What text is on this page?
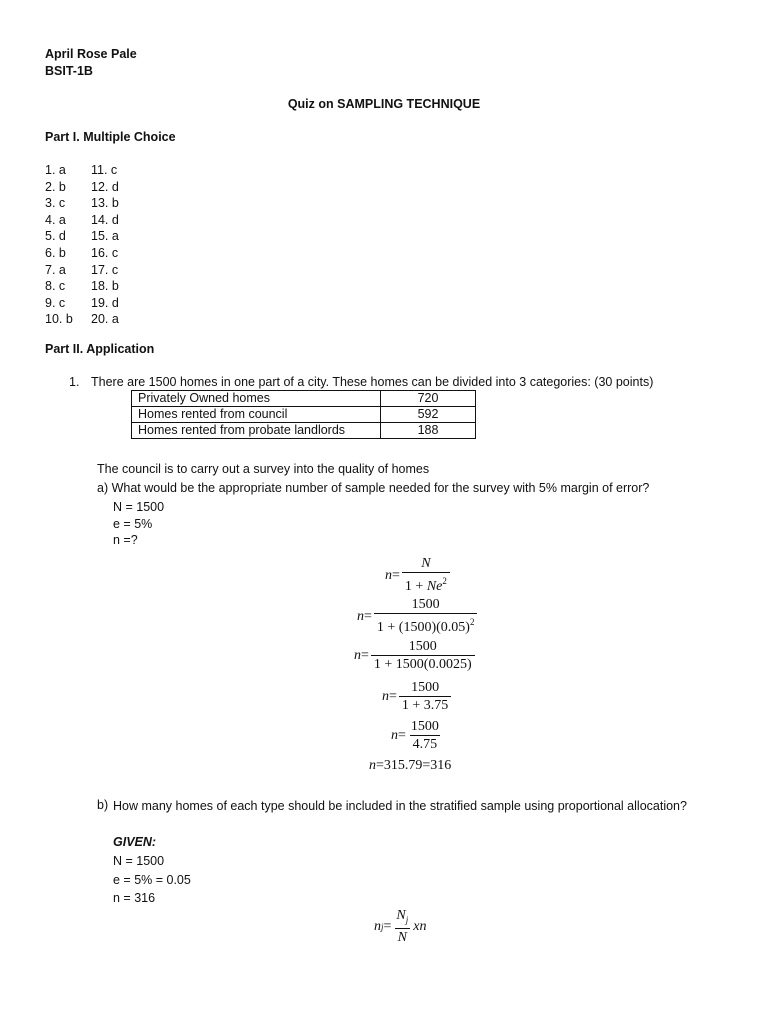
April Rose Pale
BSIT-1B
Quiz on SAMPLING TECHNIQUE
Part I. Multiple Choice
1. a
2. b
3. c
4. a
5. d
6. b
7. a
8. c
9. c
10. b
11. c
12. d
13. b
14. d
15. a
16. c
17. c
18. b
19. d
20. a
Part II. Application
1. There are 1500 homes in one part of a city. These homes can be divided into 3 categories: (30 points)
Privately Owned homes	720
Homes rented from council	592
Homes rented from probate landlords	188
The council is to carry out a survey into the quality of homes
a) What would be the appropriate number of sample needed for the survey with 5% margin of error?
N = 1500
e = 5%
n =?
$n = \frac{N}{1 + Ne^2}$
$n = \frac{1500}{1 + (1500)(0.05)^2}$
$n = \frac{1500}{1 + 1500(0.0025)}$
$n = \frac{1500}{1 + 3.75}$
$n = \frac{1500}{4.75}$
n=315.79=316
b) How many homes of each type should be included in the stratified sample using proportional allocation?
GIVEN:
N = 1500
e = 5% = 0.05
n = 316
n $j = \frac{N_j}{N}$ xn
